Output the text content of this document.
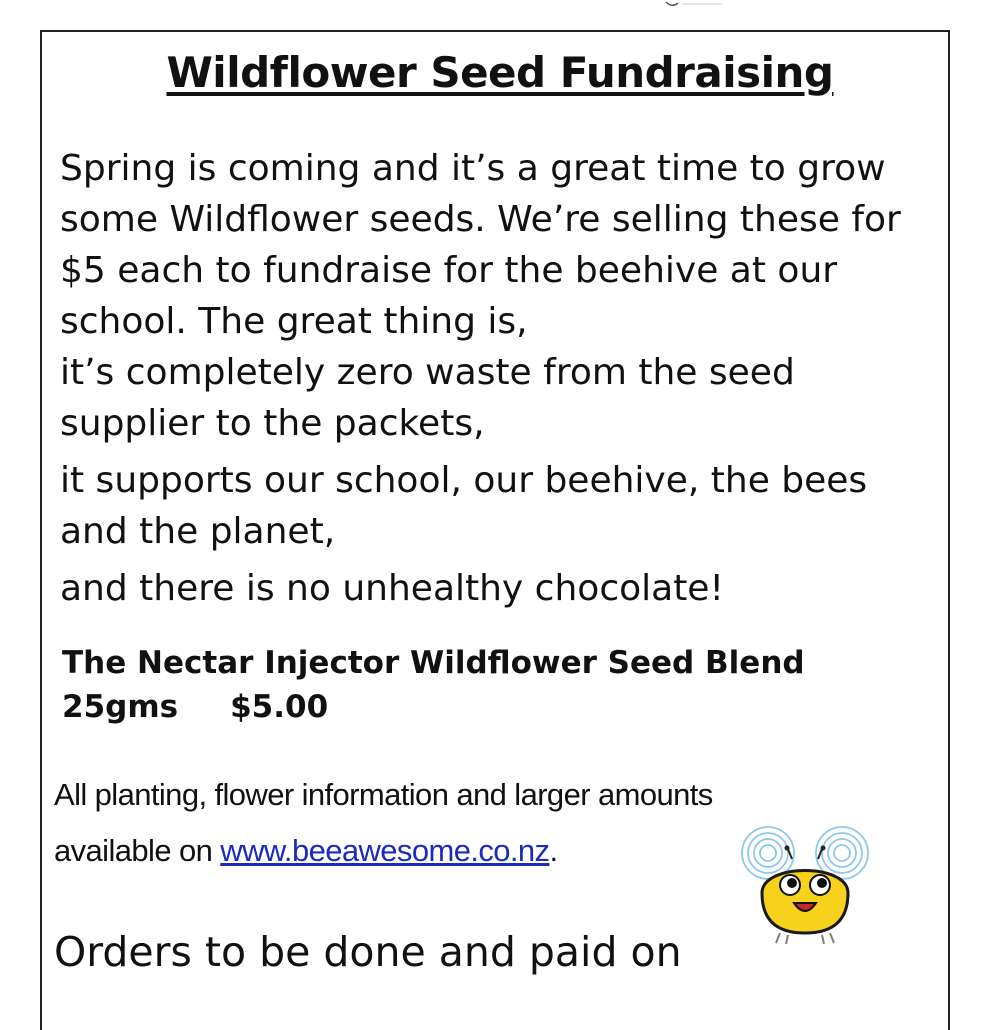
Wildflower Seed Fundraising

Spring is coming and it’s a great time to grow

some Wildflower seeds. We’re selling these for

$5 each to fundraise for the beehive at our

school. The great thing is,

it’s completely zero waste from the seed

supplier to the packets,

it supports our school, our beehive, the bees

and the planet,

and there is no unhealthy chocolate!

The Nectar Injector Wildflower Seed Blend
25gms $5.00
All planting, flower information and larger amounts
available on www.beeawesome.co.nz.
Orders to be done and paid on
